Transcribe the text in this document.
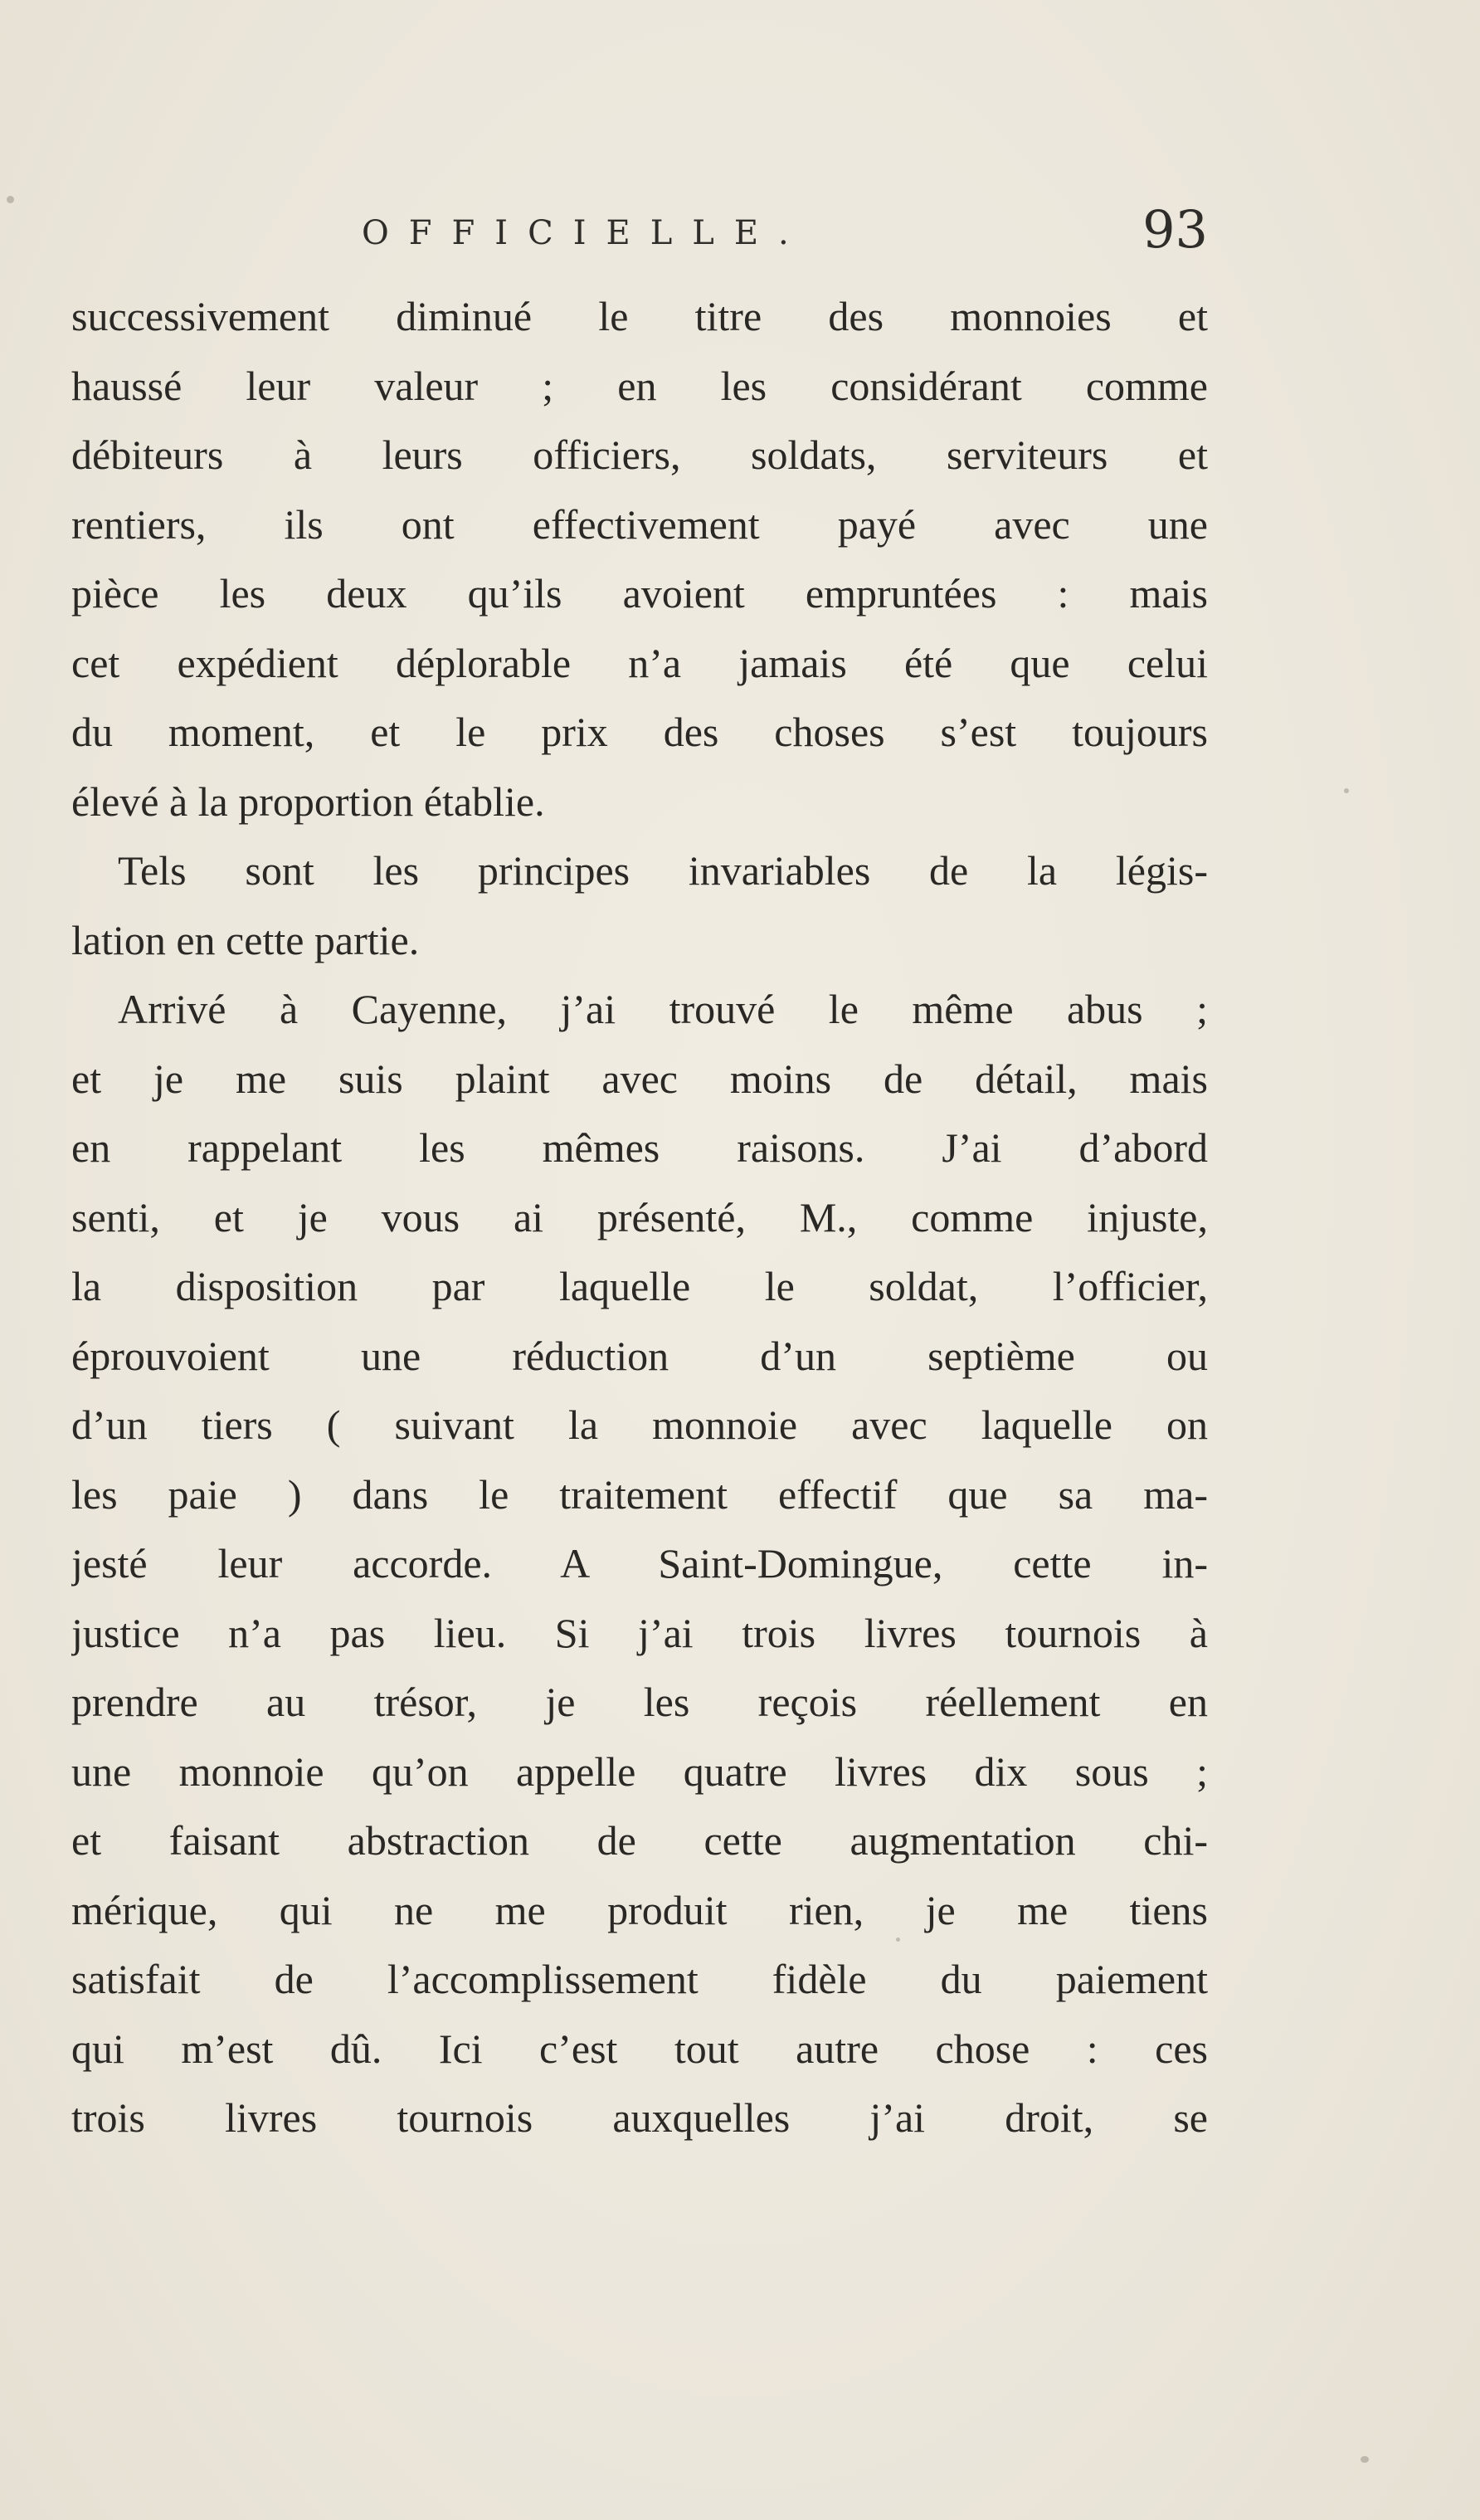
OFFICIELLE.	93
successivement diminué le titre des monnoies et
haussé leur valeur ; en les considérant comme
débiteurs à leurs officiers, soldats, serviteurs et
rentiers, ils ont effectivement payé avec une
pièce les deux qu’ils avoient empruntées : mais
cet expédient déplorable n’a jamais été que celui
du moment, et le prix des choses s’est toujours
élevé à la proportion établie.
Tels sont les principes invariables de la légis-
lation en cette partie.
Arrivé à Cayenne, j’ai trouvé le même abus ;
et je me suis plaint avec moins de détail, mais
en rappelant les mêmes raisons. J’ai d’abord
senti, et je vous ai présenté, M., comme injuste,
la disposition par laquelle le soldat, l’officier,
éprouvoient une réduction d’un septième ou
d’un tiers ( suivant la monnoie avec laquelle on
les paie ) dans le traitement effectif que sa ma-
jesté leur accorde. A Saint-Domingue, cette in-
justice n’a pas lieu. Si j’ai trois livres tournois à
prendre au trésor, je les reçois réellement en
une monnoie qu’on appelle quatre livres dix sous ;
et faisant abstraction de cette augmentation chi-
mérique, qui ne me produit rien, je me tiens
satisfait de l’accomplissement fidèle du paiement
qui m’est dû. Ici c’est tout autre chose : ces
trois livres tournois auxquelles j’ai droit, se
